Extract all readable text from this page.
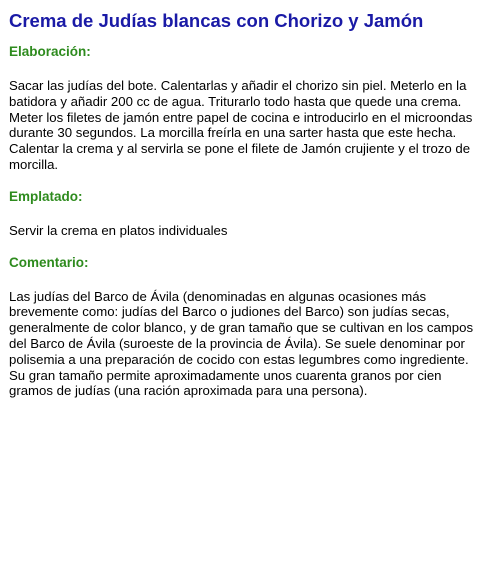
Crema de Judías blancas con Chorizo y Jamón
Elaboración:

Sacar las judías del bote. Calentarlas y añadir el chorizo sin piel. Meterlo en la batidora y añadir 200 cc de agua. Triturarlo todo hasta que quede una crema. Meter los filetes de jamón entre papel de cocina e introducirlo en el microondas durante 30 segundos. La morcilla freírla en una sarter hasta que este hecha. Calentar la crema y al servirla se pone el filete de Jamón crujiente y el trozo de morcilla.

Emplatado:

Servir la crema en platos individuales

Comentario:

Las judías del Barco de Ávila (denominadas en algunas ocasiones más brevemente como: judías del Barco o judiones del Barco) son judías secas, generalmente de color blanco, y de gran tamaño que se cultivan en los campos del Barco de Ávila (suroeste de la provincia de Ávila). Se suele denominar por polisemia a una preparación de cocido con estas legumbres como ingrediente. Su gran tamaño permite aproximadamente unos cuarenta granos por cien gramos de judías (una ración aproximada para una persona).
